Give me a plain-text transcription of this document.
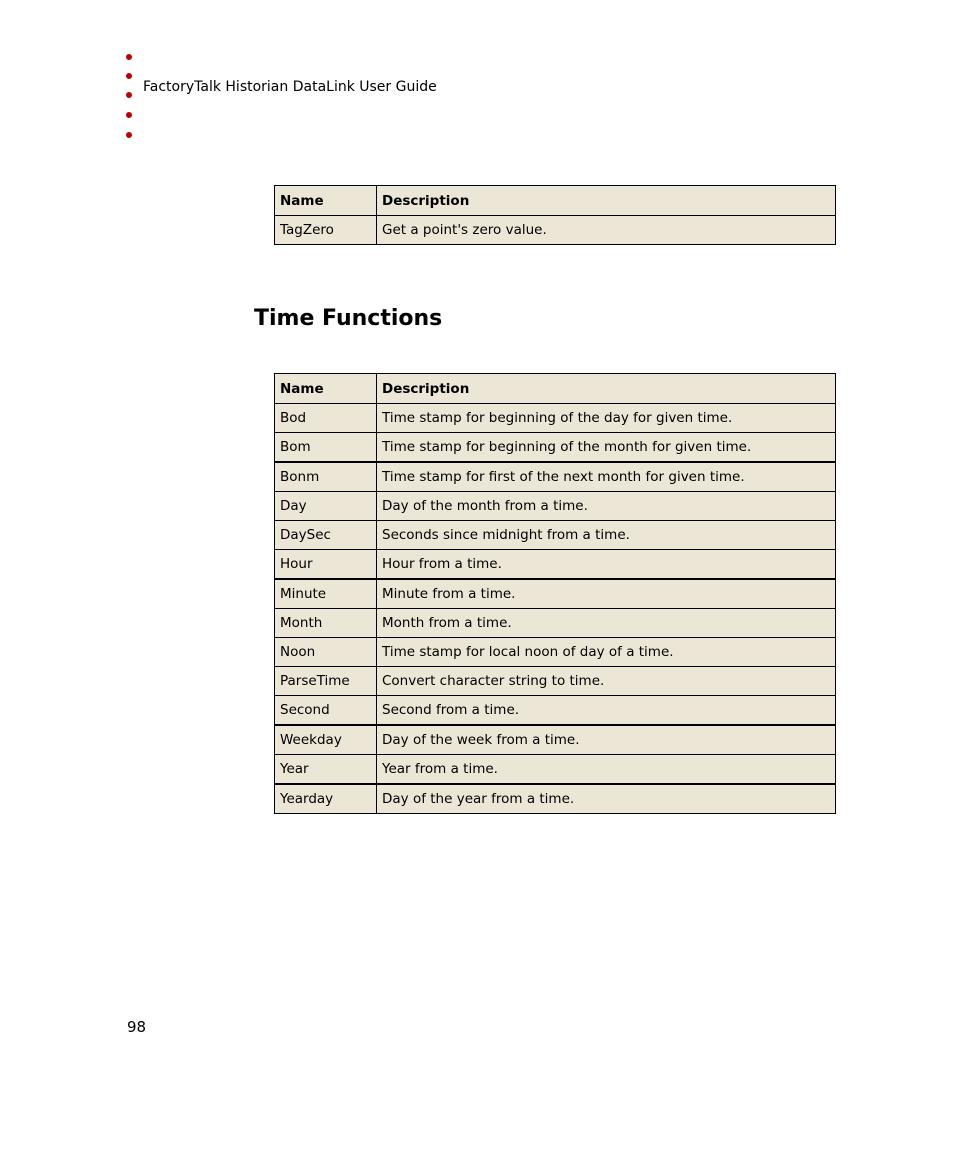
FactoryTalk Historian DataLink User Guide
Name	Description
TagZero	Get a point's zero value.
Time Functions
Name	Description
Bod	Time stamp for beginning of the day for given time.
Bom	Time stamp for beginning of the month for given time.
Bonm	Time stamp for first of the next month for given time.
Day	Day of the month from a time.
DaySec	Seconds since midnight from a time.
Hour	Hour from a time.
Minute	Minute from a time.
Month	Month from a time.
Noon	Time stamp for local noon of day of a time.
ParseTime	Convert character string to time.
Second	Second from a time.
Weekday	Day of the week from a time.
Year	Year from a time.
Yearday	Day of the year from a time.
98
